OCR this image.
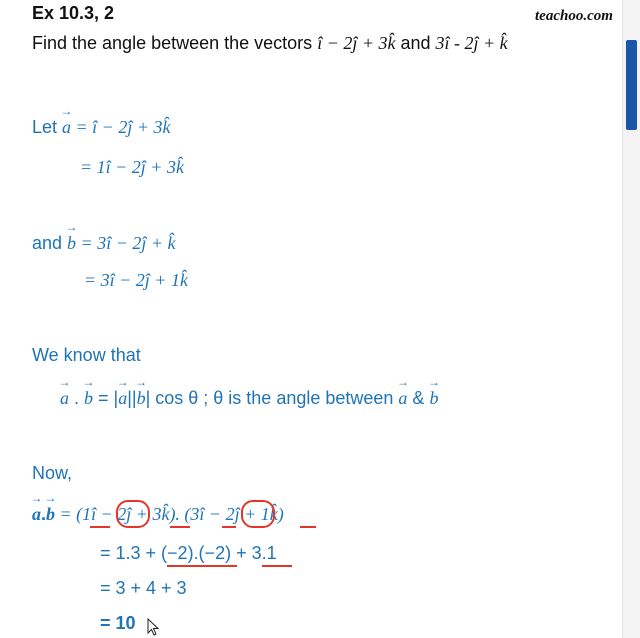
Ex 10.3, 2	teachoo.com
Find the angle between the vectors î − 2ĵ + 3k̂ and 3î - 2ĵ + k̂
Let → a = î − 2ĵ + 3k̂
= 1î − 2ĵ + 3k̂
and → b = 3î − 2ĵ + k̂
= 3î − 2ĵ + 1k̂
We know that
→ a . → b = |→ a||→ b| cos θ ; θ is the angle between → a & → b
Now,
→ a.→ b = (1î − 2ĵ + 3k̂). (3î − 2ĵ + 1k̂)
= 1.3 + (−2).(−2) + 3.1
= 3 + 4 + 3
= 10
